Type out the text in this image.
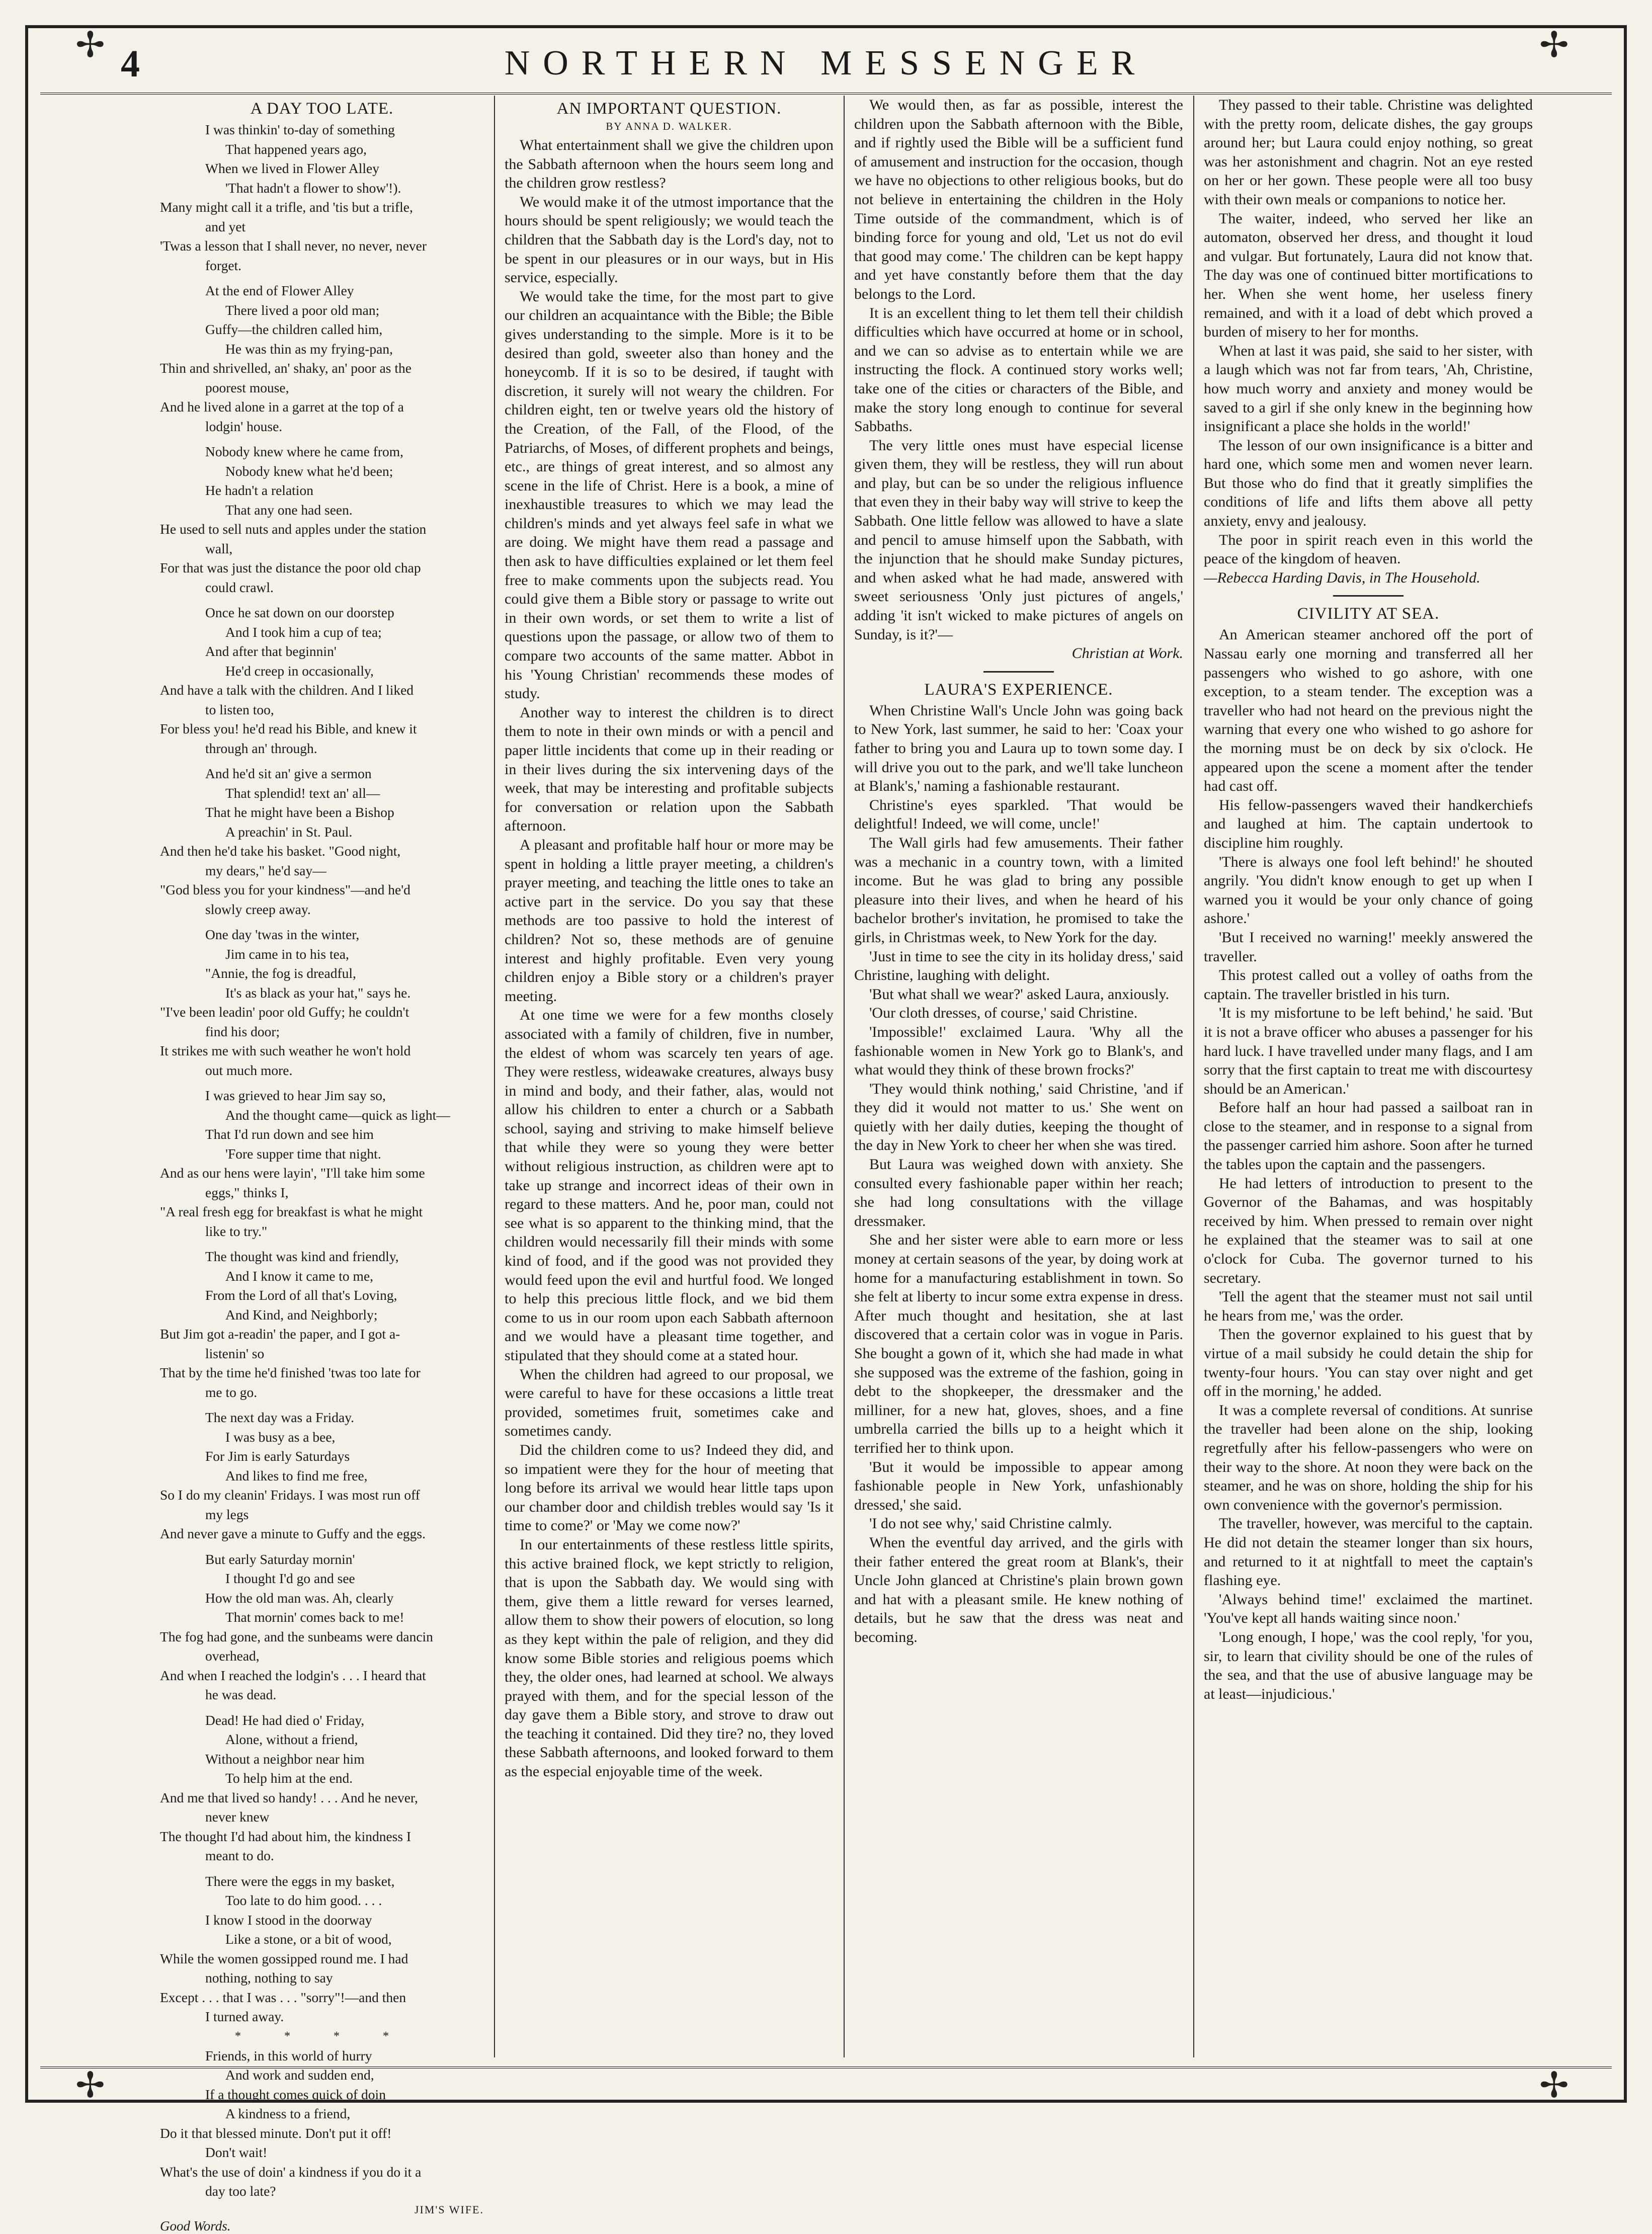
✢	✢
✢	✢
4	NORTHERN MESSENGER
A DAY TOO LATE.

I was thinkin' to-day of something

That happened years ago,

When we lived in Flower Alley

'That hadn't a flower to show'!).

Many might call it a trifle, and 'tis but a trifle,

and yet

'Twas a lesson that I shall never, no never, never

forget.

At the end of Flower Alley

There lived a poor old man;

Guffy—the children called him,

He was thin as my frying-pan,

Thin and shrivelled, an' shaky, an' poor as the

poorest mouse,

And he lived alone in a garret at the top of a

lodgin' house.

Nobody knew where he came from,

Nobody knew what he'd been;

He hadn't a relation

That any one had seen.

He used to sell nuts and apples under the station

wall,

For that was just the distance the poor old chap

could crawl.

Once he sat down on our doorstep

And I took him a cup of tea;

And after that beginnin'

He'd creep in occasionally,

And have a talk with the children. And I liked

to listen too,

For bless you! he'd read his Bible, and knew it

through an' through.

And he'd sit an' give a sermon

That splendid! text an' all—

That he might have been a Bishop

A preachin' in St. Paul.

And then he'd take his basket. "Good night,

my dears," he'd say—

"God bless you for your kindness"—and he'd

slowly creep away.

One day 'twas in the winter,

Jim came in to his tea,

"Annie, the fog is dreadful,

It's as black as your hat," says he.

"I've been leadin' poor old Guffy; he couldn't

find his door;

It strikes me with such weather he won't hold

out much more.

I was grieved to hear Jim say so,

And the thought came—quick as light—

That I'd run down and see him

'Fore supper time that night.

And as our hens were layin', "I'll take him some

eggs," thinks I,

"A real fresh egg for breakfast is what he might

like to try."

The thought was kind and friendly,

And I know it came to me,

From the Lord of all that's Loving,

And Kind, and Neighborly;

But Jim got a-readin' the paper, and I got a-

listenin' so

That by the time he'd finished 'twas too late for

me to go.

The next day was a Friday.

I was busy as a bee,

For Jim is early Saturdays

And likes to find me free,

So I do my cleanin' Fridays. I was most run off

my legs

And never gave a minute to Guffy and the eggs.

But early Saturday mornin'

I thought I'd go and see

How the old man was. Ah, clearly

That mornin' comes back to me!

The fog had gone, and the sunbeams were dancin

overhead,

And when I reached the lodgin's . . . I heard that

he was dead.

Dead! He had died o' Friday,

Alone, without a friend,

Without a neighbor near him

To help him at the end.

And me that lived so handy! . . . And he never,

never knew

The thought I'd had about him, the kindness I

meant to do.

There were the eggs in my basket,

Too late to do him good. . . .

I know I stood in the doorway

Like a stone, or a bit of wood,

While the women gossipped round me. I had

nothing, nothing to say

Except . . . that I was . . . "sorry"!—and then

I turned away.

* * * *

Friends, in this world of hurry

And work and sudden end,

If a thought comes quick of doin

A kindness to a friend,

Do it that blessed minute. Don't put it off!

Don't wait!

What's the use of doin' a kindness if you do it a

day too late?

JIM'S WIFE.
Good Words.
AN IMPORTANT QUESTION.
BY ANNA D. WALKER.

What entertainment shall we give the children upon the Sabbath afternoon when the hours seem long and the children grow restless?

We would make it of the utmost importance that the hours should be spent religiously; we would teach the children that the Sabbath day is the Lord's day, not to be spent in our pleasures or in our ways, but in His service, especially.

We would take the time, for the most part to give our children an acquaintance with the Bible; the Bible gives understanding to the simple. More is it to be desired than gold, sweeter also than honey and the honeycomb. If it is so to be desired, if taught with discretion, it surely will not weary the children. For children eight, ten or twelve years old the history of the Creation, of the Fall, of the Flood, of the Patriarchs, of Moses, of different prophets and beings, etc., are things of great interest, and so almost any scene in the life of Christ. Here is a book, a mine of inexhaustible treasures to which we may lead the children's minds and yet always feel safe in what we are doing. We might have them read a passage and then ask to have difficulties explained or let them feel free to make comments upon the subjects read. You could give them a Bible story or passage to write out in their own words, or set them to write a list of questions upon the passage, or allow two of them to compare two accounts of the same matter. Abbot in his 'Young Christian' recommends these modes of study.

Another way to interest the children is to direct them to note in their own minds or with a pencil and paper little incidents that come up in their reading or in their lives during the six intervening days of the week, that may be interesting and profitable subjects for conversation or relation upon the Sabbath afternoon.

A pleasant and profitable half hour or more may be spent in holding a little prayer meeting, a children's prayer meeting, and teaching the little ones to take an active part in the service. Do you say that these methods are too passive to hold the interest of children? Not so, these methods are of genuine interest and highly profitable. Even very young children enjoy a Bible story or a children's prayer meeting.

At one time we were for a few months closely associated with a family of children, five in number, the eldest of whom was scarcely ten years of age. They were restless, wideawake creatures, always busy in mind and body, and their father, alas, would not allow his children to enter a church or a Sabbath school, saying and striving to make himself believe that while they were so young they were better without religious instruction, as children were apt to take up strange and incorrect ideas of their own in regard to these matters. And he, poor man, could not see what is so apparent to the thinking mind, that the children would necessarily fill their minds with some kind of food, and if the good was not provided they would feed upon the evil and hurtful food. We longed to help this precious little flock, and we bid them come to us in our room upon each Sabbath afternoon and we would have a pleasant time together, and stipulated that they should come at a stated hour.

When the children had agreed to our proposal, we were careful to have for these occasions a little treat provided, sometimes fruit, sometimes cake and sometimes candy.

Did the children come to us? Indeed they did, and so impatient were they for the hour of meeting that long before its arrival we would hear little taps upon our chamber door and childish trebles would say 'Is it time to come?' or 'May we come now?'

In our entertainments of these restless little spirits, this active brained flock, we kept strictly to religion, that is upon the Sabbath day. We would sing with them, give them a little reward for verses learned, allow them to show their powers of elocution, so long as they kept within the pale of religion, and they did know some Bible stories and religious poems which they, the older ones, had learned at school. We always prayed with them, and for the special lesson of the day gave them a Bible story, and strove to draw out the teaching it contained. Did they tire? no, they loved these Sabbath afternoons, and looked forward to them as the especial enjoyable time of the week.

We would then, as far as possible, interest the children upon the Sabbath afternoon with the Bible, and if rightly used the Bible will be a sufficient fund of amusement and instruction for the occasion, though we have no objections to other religious books, but do not believe in entertaining the children in the Holy Time outside of the commandment, which is of binding force for young and old, 'Let us not do evil that good may come.' The children can be kept happy and yet have constantly before them that the day belongs to the Lord.

It is an excellent thing to let them tell their childish difficulties which have occurred at home or in school, and we can so advise as to entertain while we are instructing the flock. A continued story works well; take one of the cities or characters of the Bible, and make the story long enough to continue for several Sabbaths.

The very little ones must have especial license given them, they will be restless, they will run about and play, but can be so under the religious influence that even they in their baby way will strive to keep the Sabbath. One little fellow was allowed to have a slate and pencil to amuse himself upon the Sabbath, with the injunction that he should make Sunday pictures, and when asked what he had made, answered with sweet seriousness 'Only just pictures of angels,' adding 'it isn't wicked to make pictures of angels on Sunday, is it?'—

Christian at Work.

LAURA'S EXPERIENCE.

When Christine Wall's Uncle John was going back to New York, last summer, he said to her: 'Coax your father to bring you and Laura up to town some day. I will drive you out to the park, and we'll take luncheon at Blank's,' naming a fashionable restaurant.

Christine's eyes sparkled. 'That would be delightful! Indeed, we will come, uncle!'

The Wall girls had few amusements. Their father was a mechanic in a country town, with a limited income. But he was glad to bring any possible pleasure into their lives, and when he heard of his bachelor brother's invitation, he promised to take the girls, in Christmas week, to New York for the day.

'Just in time to see the city in its holiday dress,' said Christine, laughing with delight.

'But what shall we wear?' asked Laura, anxiously.

'Our cloth dresses, of course,' said Christine.

'Impossible!' exclaimed Laura. 'Why all the fashionable women in New York go to Blank's, and what would they think of these brown frocks?'

'They would think nothing,' said Christine, 'and if they did it would not matter to us.' She went on quietly with her daily duties, keeping the thought of the day in New York to cheer her when she was tired.

But Laura was weighed down with anxiety. She consulted every fashionable paper within her reach; she had long consultations with the village dressmaker.

She and her sister were able to earn more or less money at certain seasons of the year, by doing work at home for a manufacturing establishment in town. So she felt at liberty to incur some extra expense in dress. After much thought and hesitation, she at last discovered that a certain color was in vogue in Paris. She bought a gown of it, which she had made in what she supposed was the extreme of the fashion, going in debt to the shopkeeper, the dressmaker and the milliner, for a new hat, gloves, shoes, and a fine umbrella carried the bills up to a height which it terrified her to think upon.

'But it would be impossible to appear among fashionable people in New York, unfashionably dressed,' she said.

'I do not see why,' said Christine calmly.

When the eventful day arrived, and the girls with their father entered the great room at Blank's, their Uncle John glanced at Christine's plain brown gown and hat with a pleasant smile. He knew nothing of details, but he saw that the dress was neat and becoming.

They passed to their table. Christine was delighted with the pretty room, delicate dishes, the gay groups around her; but Laura could enjoy nothing, so great was her astonishment and chagrin. Not an eye rested on her or her gown. These people were all too busy with their own meals or companions to notice her.

The waiter, indeed, who served her like an automaton, observed her dress, and thought it loud and vulgar. But fortunately, Laura did not know that. The day was one of continued bitter mortifications to her. When she went home, her useless finery remained, and with it a load of debt which proved a burden of misery to her for months.

When at last it was paid, she said to her sister, with a laugh which was not far from tears, 'Ah, Christine, how much worry and anxiety and money would be saved to a girl if she only knew in the beginning how insignificant a place she holds in the world!'

The lesson of our own insignificance is a bitter and hard one, which some men and women never learn. But those who do find that it greatly simplifies the conditions of life and lifts them above all petty anxiety, envy and jealousy.

The poor in spirit reach even in this world the peace of the kingdom of heaven.

—Rebecca Harding Davis, in The Household.

CIVILITY AT SEA.

An American steamer anchored off the port of Nassau early one morning and transferred all her passengers who wished to go ashore, with one exception, to a steam tender. The exception was a traveller who had not heard on the previous night the warning that every one who wished to go ashore for the morning must be on deck by six o'clock. He appeared upon the scene a moment after the tender had cast off.

His fellow-passengers waved their handkerchiefs and laughed at him. The captain undertook to discipline him roughly.

'There is always one fool left behind!' he shouted angrily. 'You didn't know enough to get up when I warned you it would be your only chance of going ashore.'

'But I received no warning!' meekly answered the traveller.

This protest called out a volley of oaths from the captain. The traveller bristled in his turn.

'It is my misfortune to be left behind,' he said. 'But it is not a brave officer who abuses a passenger for his hard luck. I have travelled under many flags, and I am sorry that the first captain to treat me with discourtesy should be an American.'

Before half an hour had passed a sailboat ran in close to the steamer, and in response to a signal from the passenger carried him ashore. Soon after he turned the tables upon the captain and the passengers.

He had letters of introduction to present to the Governor of the Bahamas, and was hospitably received by him. When pressed to remain over night he explained that the steamer was to sail at one o'clock for Cuba. The governor turned to his secretary.

'Tell the agent that the steamer must not sail until he hears from me,' was the order.

Then the governor explained to his guest that by virtue of a mail subsidy he could detain the ship for twenty-four hours. 'You can stay over night and get off in the morning,' he added.

It was a complete reversal of conditions. At sunrise the traveller had been alone on the ship, looking regretfully after his fellow-passengers who were on their way to the shore. At noon they were back on the steamer, and he was on shore, holding the ship for his own convenience with the governor's permission.

The traveller, however, was merciful to the captain. He did not detain the steamer longer than six hours, and returned to it at nightfall to meet the captain's flashing eye.

'Always behind time!' exclaimed the martinet. 'You've kept all hands waiting since noon.'

'Long enough, I hope,' was the cool reply, 'for you, sir, to learn that civility should be one of the rules of the sea, and that the use of abusive language may be at least—injudicious.'
